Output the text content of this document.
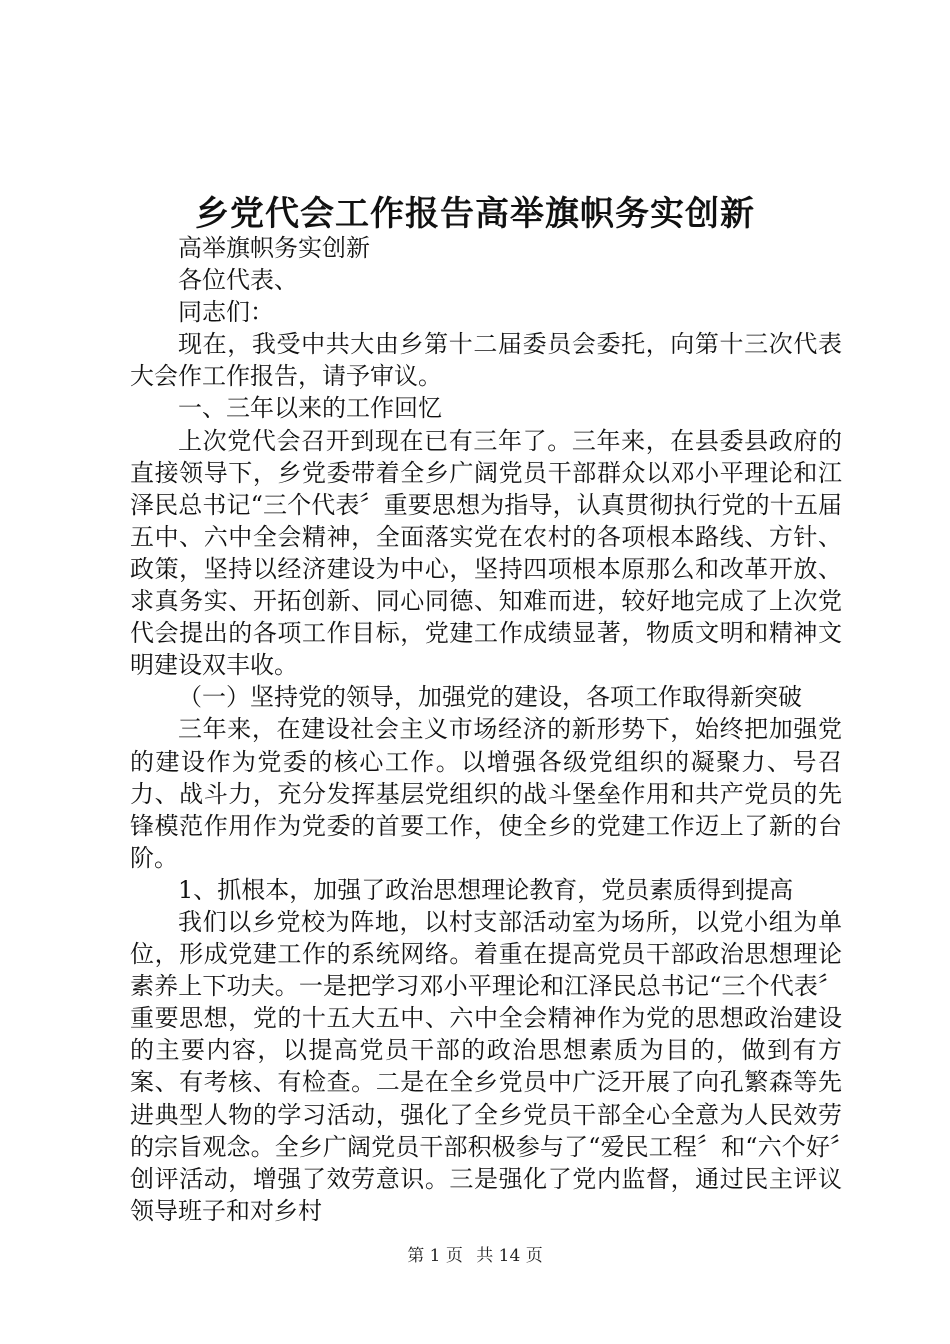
乡党代会工作报告高举旗帜务实创新

高举旗帜务实创新

各位代表、

同志们：

现在，我受中共大由乡第十二届委员会委托，向第十三次代表大会作工作报告，请予审议。

一、三年以来的工作回忆

上次党代会召开到现在已有三年了。三年来，在县委县政府的直接领导下，乡党委带着全乡广阔党员干部群众以邓小平理论和江泽民总书记“三个代表〞重要思想为指导，认真贯彻执行党的十五届五中、六中全会精神，全面落实党在农村的各项根本路线、方针、政策，坚持以经济建设为中心，坚持四项根本原那么和改革开放、求真务实、开拓创新、同心同德、知难而进，较好地完成了上次党代会提出的各项工作目标，党建工作成绩显著，物质文明和精神文明建设双丰收。

（一）坚持党的领导，加强党的建设，各项工作取得新突破

三年来，在建设社会主义市场经济的新形势下，始终把加强党的建设作为党委的核心工作。以增强各级党组织的凝聚力、号召力、战斗力，充分发挥基层党组织的战斗堡垒作用和共产党员的先锋模范作用作为党委的首要工作，使全乡的党建工作迈上了新的台阶。

1、抓根本，加强了政治思想理论教育，党员素质得到提高

我们以乡党校为阵地，以村支部活动室为场所，以党小组为单位，形成党建工作的系统网络。着重在提高党员干部政治思想理论素养上下功夫。一是把学习邓小平理论和江泽民总书记“三个代表〞重要思想，党的十五大五中、六中全会精神作为党的思想政治建设的主要内容，以提高党员干部的政治思想素质为目的，做到有方案、有考核、有检查。二是在全乡党员中广泛开展了向孔繁森等先进典型人物的学习活动，强化了全乡党员干部全心全意为人民效劳的宗旨观念。全乡广阔党员干部积极参与了“爱民工程〞和“六个好〞创评活动，增强了效劳意识。三是强化了党内监督，通过民主评议领导班子和对乡村

第 1 页 共 14 页
